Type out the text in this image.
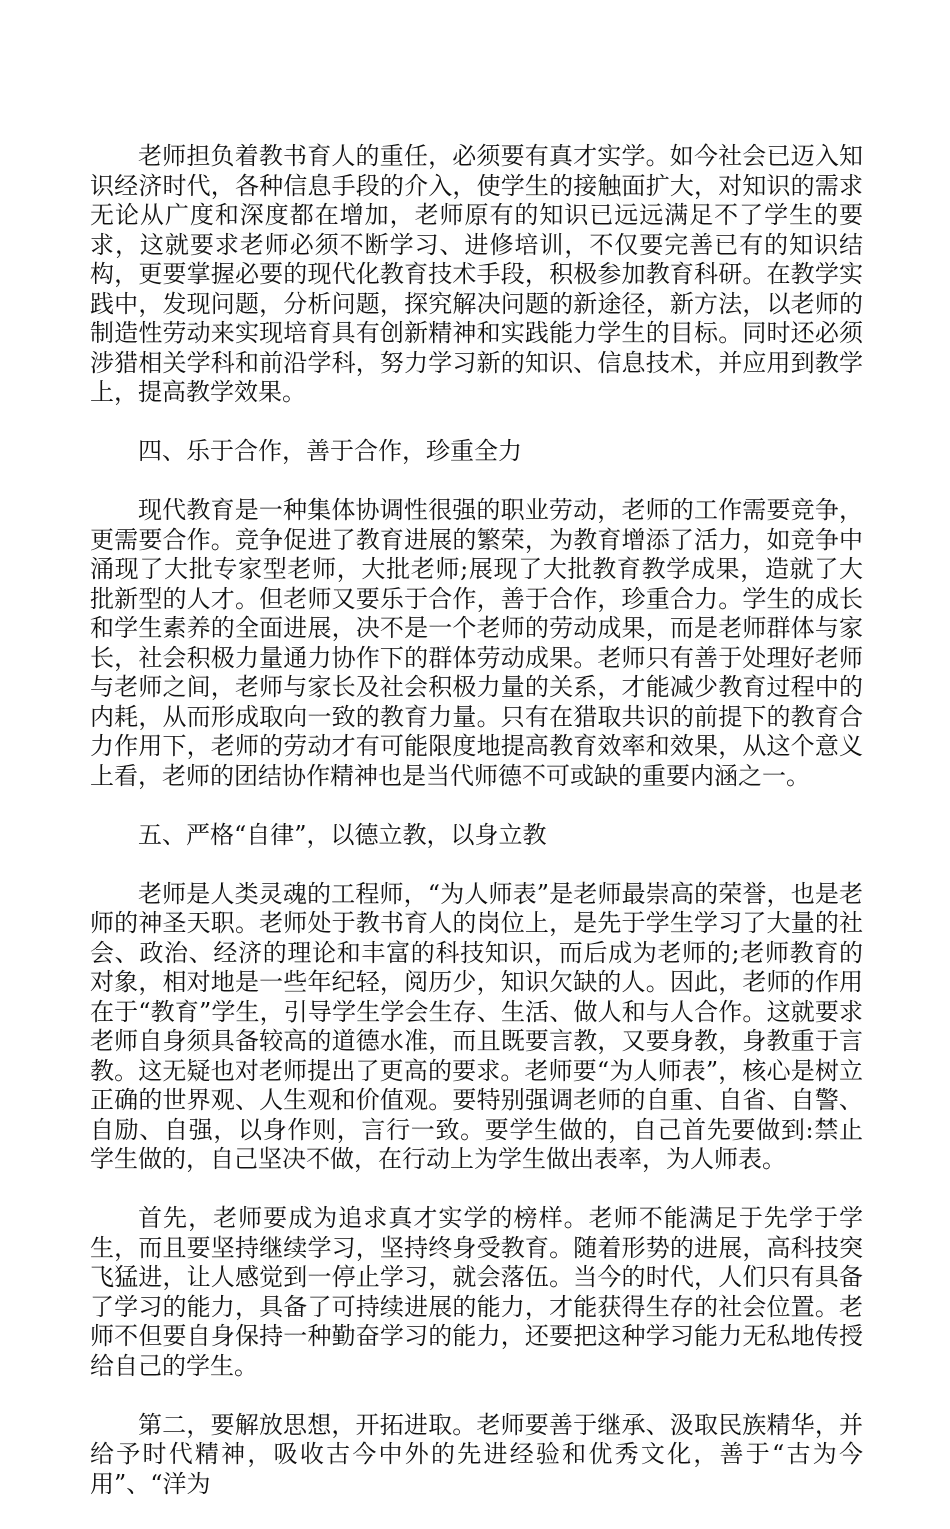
老师担负着教书育人的重任，必须要有真才实学。如今社会已迈入知识经济时代，各种信息手段的介入，使学生的接触面扩大，对知识的需求无论从广度和深度都在增加，老师原有的知识已远远满足不了学生的要求，这就要求老师必须不断学习、进修培训，不仅要完善已有的知识结构，更要掌握必要的现代化教育技术手段，积极参加教育科研。在教学实践中，发现问题，分析问题，探究解决问题的新途径，新方法，以老师的制造性劳动来实现培育具有创新精神和实践能力学生的目标。同时还必须涉猎相关学科和前沿学科，努力学习新的知识、信息技术，并应用到教学上，提高教学效果。

四、乐于合作，善于合作，珍重全力

现代教育是一种集体协调性很强的职业劳动，老师的工作需要竞争，更需要合作。竞争促进了教育进展的繁荣，为教育增添了活力，如竞争中涌现了大批专家型老师，大批老师;展现了大批教育教学成果，造就了大批新型的人才。但老师又要乐于合作，善于合作，珍重合力。学生的成长和学生素养的全面进展，决不是一个老师的劳动成果，而是老师群体与家长，社会积极力量通力协作下的群体劳动成果。老师只有善于处理好老师与老师之间，老师与家长及社会积极力量的关系，才能减少教育过程中的内耗，从而形成取向一致的教育力量。只有在猎取共识的前提下的教育合力作用下，老师的劳动才有可能限度地提高教育效率和效果，从这个意义上看，老师的团结协作精神也是当代师德不可或缺的重要内涵之一。

五、严格“自律”，以德立教，以身立教

老师是人类灵魂的工程师，“为人师表”是老师最崇高的荣誉，也是老师的神圣天职。老师处于教书育人的岗位上，是先于学生学习了大量的社会、政治、经济的理论和丰富的科技知识，而后成为老师的;老师教育的对象，相对地是一些年纪轻，阅历少，知识欠缺的人。因此，老师的作用在于“教育”学生，引导学生学会生存、生活、做人和与人合作。这就要求老师自身须具备较高的道德水准，而且既要言教，又要身教，身教重于言教。这无疑也对老师提出了更高的要求。老师要“为人师表”，核心是树立正确的世界观、人生观和价值观。要特别强调老师的自重、自省、自警、自励、自强，以身作则，言行一致。要学生做的，自己首先要做到:禁止学生做的，自己坚决不做，在行动上为学生做出表率，为人师表。

首先，老师要成为追求真才实学的榜样。老师不能满足于先学于学生，而且要坚持继续学习，坚持终身受教育。随着形势的进展，高科技突飞猛进，让人感觉到一停止学习，就会落伍。当今的时代，人们只有具备了学习的能力，具备了可持续进展的能力，才能获得生存的社会位置。老师不但要自身保持一种勤奋学习的能力，还要把这种学习能力无私地传授给自己的学生。

第二，要解放思想，开拓进取。老师要善于继承、汲取民族精华，并给予时代精神，吸收古今中外的先进经验和优秀文化，善于“古为今用”、“洋为
